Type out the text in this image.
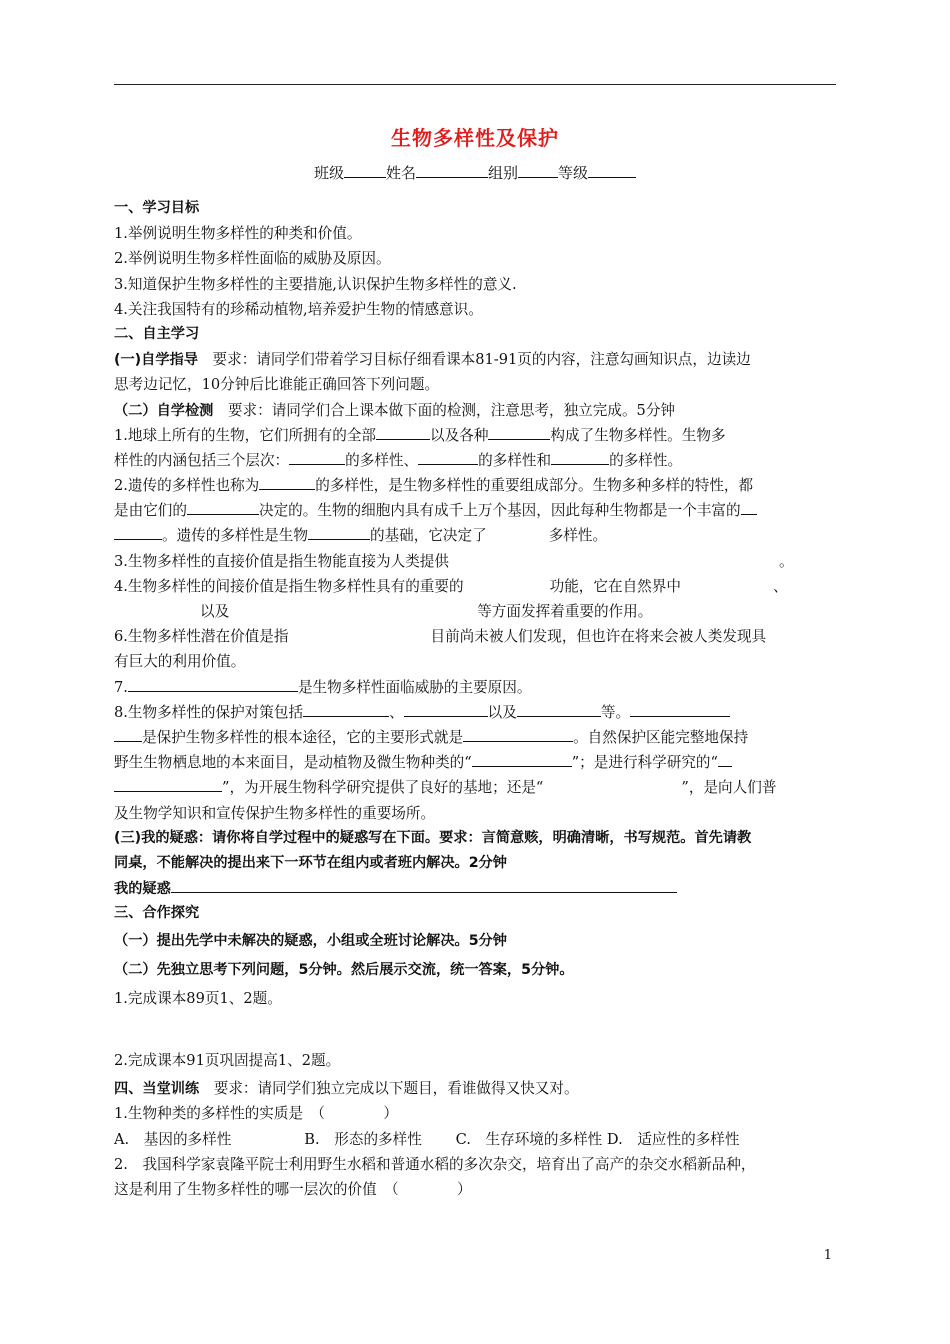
生物多样性及保护
班级	姓名	组别	等级
一、学习目标
1.举例说明生物多样性的种类和价值。
2.举例说明生物多样性面临的威胁及原因。
3.知道保护生物多样性的主要措施,认识保护生物多样性的意义.
4.关注我国特有的珍稀动植物,培养爱护生物的情感意识。
二、自主学习
(一)自学指导　要求：请同学们带着学习目标仔细看课本81-91页的内容，注意勾画知识点，边读边
思考边记忆，10分钟后比谁能正确回答下列问题。
（二）自学检测　要求：请同学们合上课本做下面的检测，注意思考，独立完成。5分钟
1.地球上所有的生物，它们所拥有的全部	以及各种	构成了生物多样性。生物多
样性的内涵包括三个层次：	的多样性、	的多样性和	的多样性。
2.遗传的多样性也称为	的多样性，是生物多样性的重要组成部分。生物多种多样的特性，都
是由它们的	决定的。生物的细胞内具有成千上万个基因，因此每种生物都是一个丰富的
。遗传的多样性是生物	的基础，它决定了	多样性。
3.生物多样性的直接价值是指生物能直接为人类提供	。
4.生物多样性的间接价值是指生物多样性具有的重要的	功能，它在自然界中	、
以及	等方面发挥着重要的作用。
6.生物多样性潜在价值是指	目前尚未被人们发现，但也许在将来会被人类发现具
有巨大的利用价值。
7.	是生物多样性面临威胁的主要原因。
8.生物多样性的保护对策包括	、	以及	等。
是保护生物多样性的根本途径，它的主要形式就是	。自然保护区能完整地保持
野生生物栖息地的本来面目，是动植物及微生物种类的“	”；是进行科学研究的“
”，为开展生物科学研究提供了良好的基地；还是“	”，是向人们普
及生物学知识和宣传保护生物多样性的重要场所。
(三)我的疑惑：请你将自学过程中的疑惑写在下面。要求：言简意赅，明确清晰，书写规范。首先请教
同桌，不能解决的提出来下一环节在组内或者班内解决。2分钟
我的疑惑
三、合作探究
（一）提出先学中未解决的疑惑，小组或全班讨论解决。5分钟
（二）先独立思考下列问题，5分钟。然后展示交流，统一答案，5分钟。
1.完成课本89页1、2题。
2.完成课本91页巩固提高1、2题。
四、当堂训练　要求：请同学们独立完成以下题目，看谁做得又快又对。
1.生物种类的多样性的实质是　（　　　　）
A.　基因的多样性　　　　　B.　形态的多样性　　 C.　生存环境的多样性 D.　适应性的多样性
2.　我国科学家袁隆平院士利用野生水稻和普通水稻的多次杂交，培育出了高产的杂交水稻新品种，
这是利用了生物多样性的哪一层次的价值　（　　　　）
1
